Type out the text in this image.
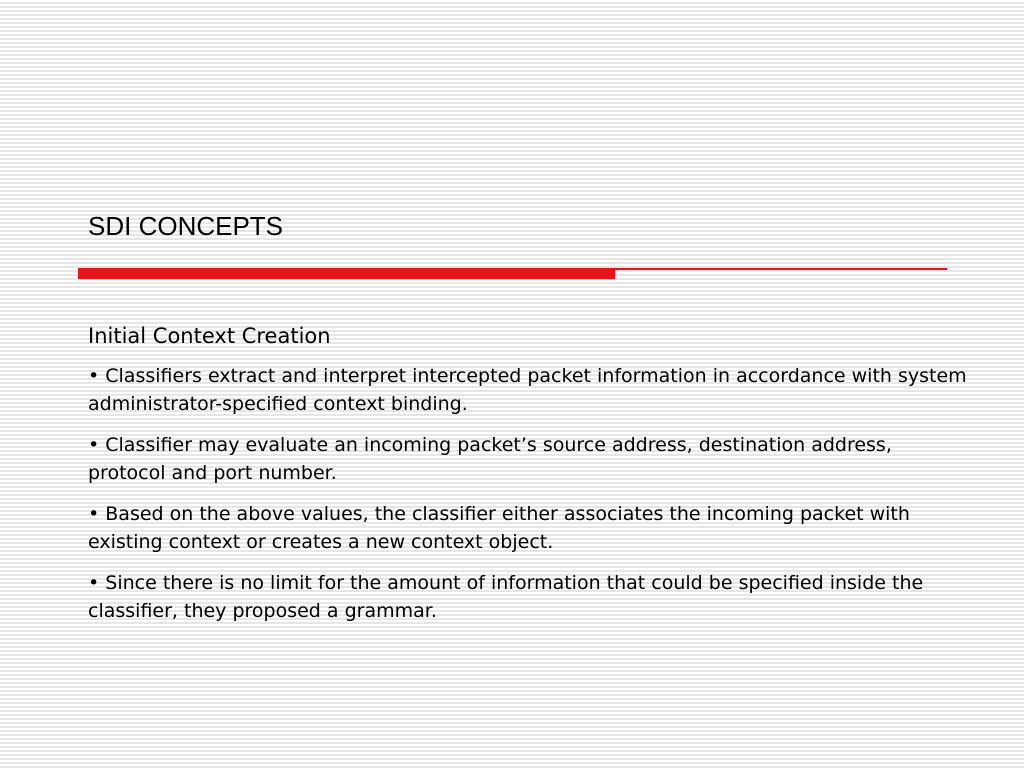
SDI CONCEPTS
Initial Context Creation
• Classifiers extract and interpret intercepted packet information in accordance with system administrator-specified context binding.
• Classifier may evaluate an incoming packet’s source address, destination address, protocol and port number.
• Based on the above values, the classifier either associates the incoming packet with existing context or creates a new context object.
• Since there is no limit for the amount of information that could be specified inside the classifier, they proposed a grammar.
